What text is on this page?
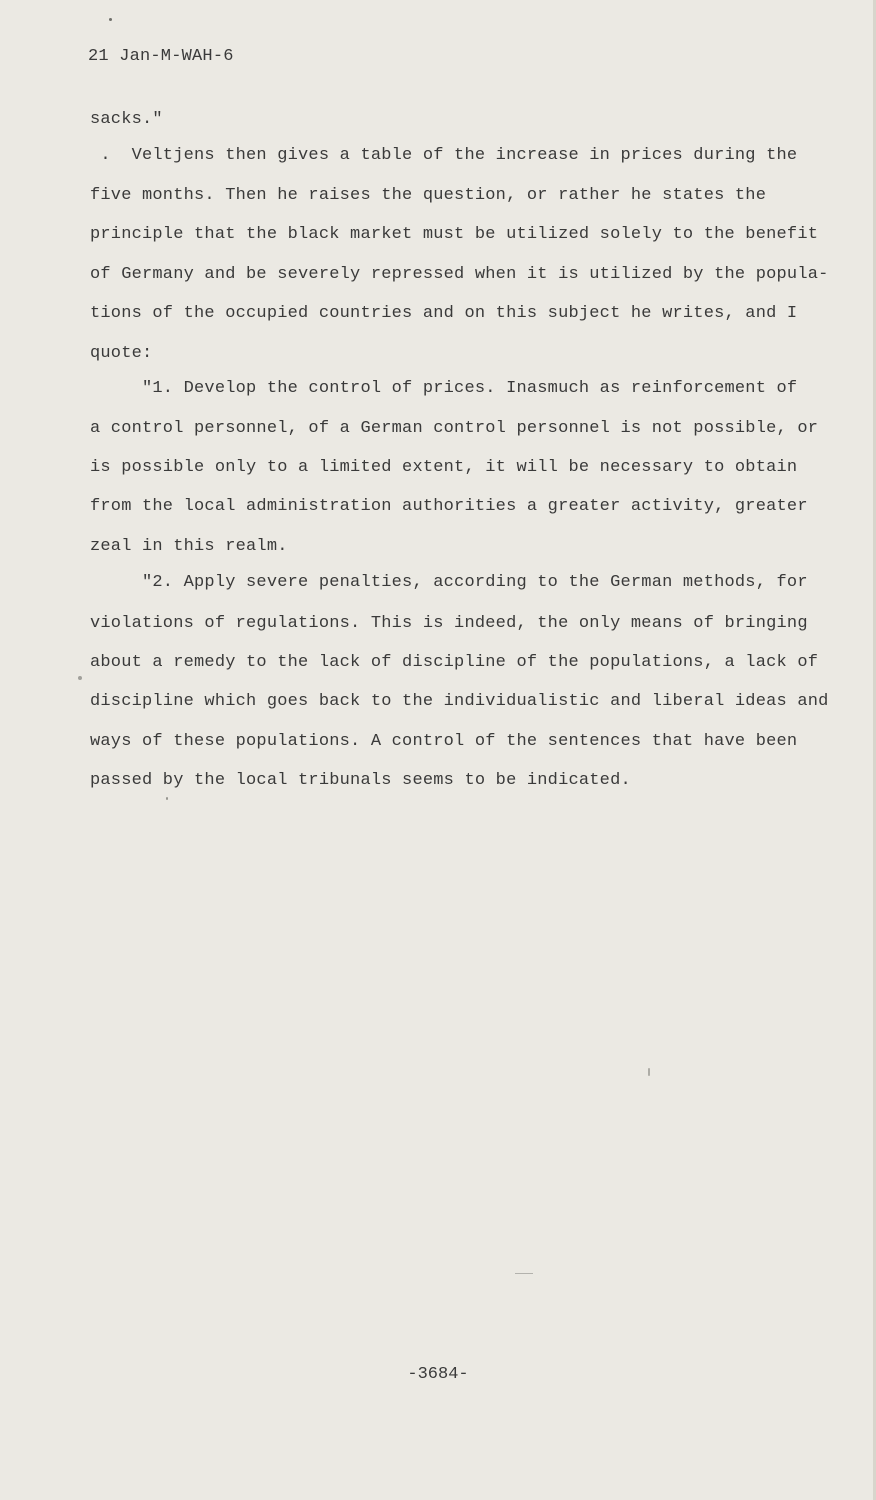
21 Jan-M-WAH-6
sacks."
.  Veltjens then gives a table of the increase in prices during the
five months. Then he raises the question, or rather he states the
principle that the black market must be utilized solely to the benefit
of Germany and be severely repressed when it is utilized by the popula-
tions of the occupied countries and on this subject he writes, and I
quote:
"1. Develop the control of prices. Inasmuch as reinforcement of
a control personnel, of a German control personnel is not possible, or
is possible only to a limited extent, it will be necessary to obtain
from the local administration authorities a greater activity, greater
zeal in this realm.
"2. Apply severe penalties, according to the German methods, for
violations of regulations. This is indeed, the only means of bringing
about a remedy to the lack of discipline of the populations, a lack of
discipline which goes back to the individualistic and liberal ideas and
ways of these populations. A control of the sentences that have been
passed by the local tribunals seems to be indicated.
-3684-
